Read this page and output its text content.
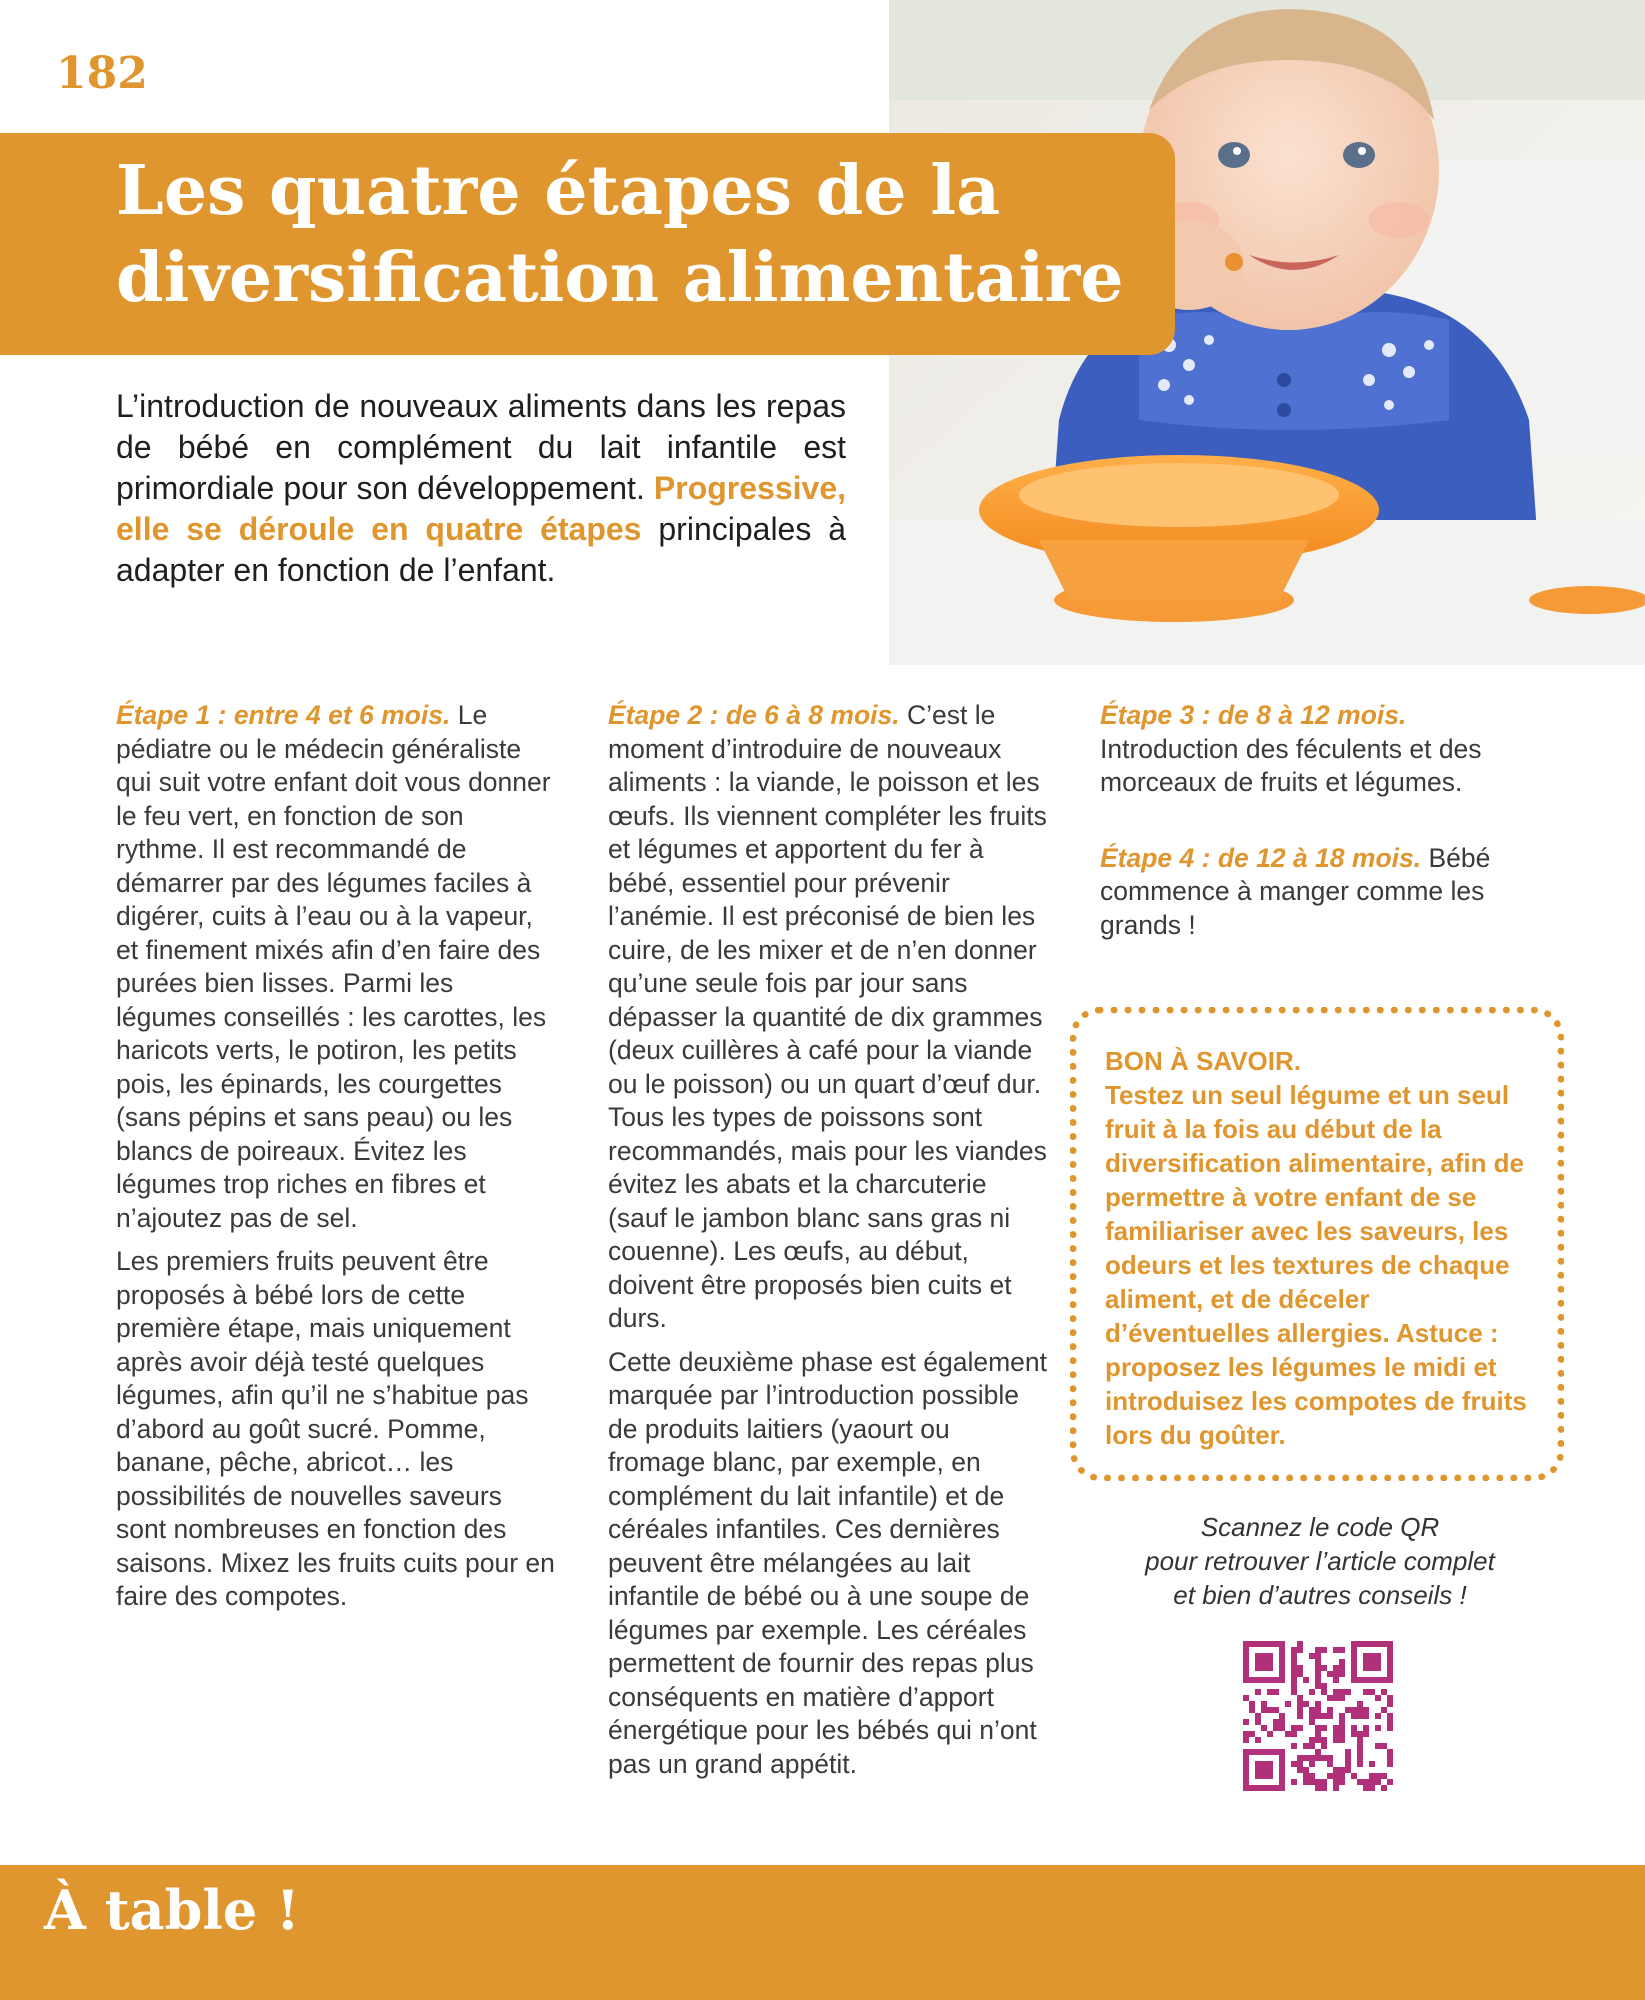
182
Les quatre étapes de la diversification alimentaire
L’introduction de nouveaux aliments dans les repas de bébé en complément du lait infantile est primordiale pour son développement. Progressive, elle se déroule en quatre étapes principales à adapter en fonction de l’enfant.

Étape 1 : entre 4 et 6 mois. Le pédiatre ou le médecin généraliste qui suit votre enfant doit vous donner le feu vert, en fonction de son rythme. Il est recommandé de démarrer par des légumes faciles à digérer, cuits à l’eau ou à la vapeur, et finement mixés afin d’en faire des purées bien lisses. Parmi les légumes conseillés : les carottes, les haricots verts, le potiron, les petits pois, les épinards, les courgettes (sans pépins et sans peau) ou les blancs de poireaux. Évitez les légumes trop riches en fibres et n’ajoutez pas de sel.

Les premiers fruits peuvent être proposés à bébé lors de cette première étape, mais uniquement après avoir déjà testé quelques légumes, afin qu’il ne s’habitue pas d’abord au goût sucré. Pomme, banane, pêche, abricot… les possibilités de nouvelles saveurs sont nombreuses en fonction des saisons. Mixez les fruits cuits pour en faire des compotes.

Étape 2 : de 6 à 8 mois. C’est le moment d’introduire de nouveaux aliments : la viande, le poisson et les œufs. Ils viennent compléter les fruits et légumes et apportent du fer à bébé, essentiel pour prévenir l’anémie. Il est préconisé de bien les cuire, de les mixer et de n’en donner qu’une seule fois par jour sans dépasser la quantité de dix grammes (deux cuillères à café pour la viande ou le poisson) ou un quart d’œuf dur. Tous les types de poissons sont recommandés, mais pour les viandes évitez les abats et la charcuterie (sauf le jambon blanc sans gras ni couenne). Les œufs, au début, doivent être proposés bien cuits et durs.

Cette deuxième phase est également marquée par l’introduction possible de produits laitiers (yaourt ou fromage blanc, par exemple, en complément du lait infantile) et de céréales infantiles. Ces dernières peuvent être mélangées au lait infantile de bébé ou à une soupe de légumes par exemple. Les céréales permettent de fournir des repas plus conséquents en matière d’apport énergétique pour les bébés qui n’ont pas un grand appétit.

Étape 3 : de 8 à 12 mois.
Introduction des féculents et des morceaux de fruits et légumes.

Étape 4 : de 12 à 18 mois. Bébé commence à manger comme les grands !

BON À SAVOIR.
Testez un seul légume et un seul fruit à la fois au début de la diversification alimentaire, afin de permettre à votre enfant de se familiariser avec les saveurs, les odeurs et les textures de chaque aliment, et de déceler d’éventuelles allergies. Astuce : proposez les légumes le midi et introduisez les compotes de fruits lors du goûter.
Scannez le code QR
pour retrouver l’article complet
et bien d’autres conseils !
À table !
